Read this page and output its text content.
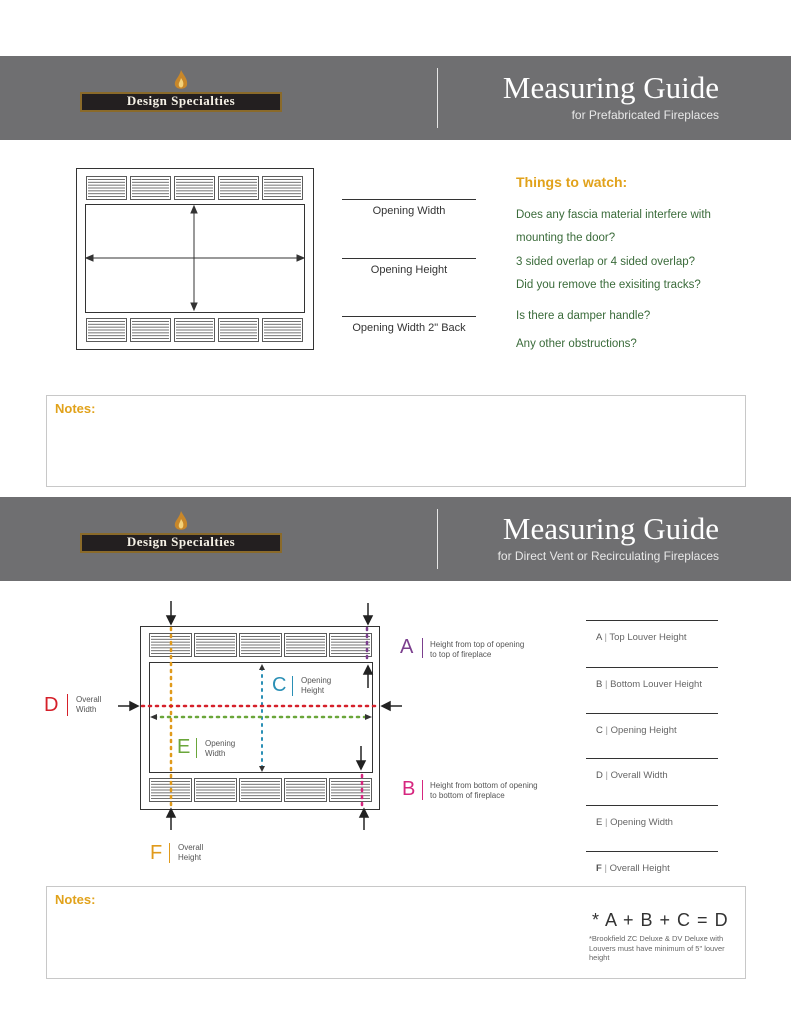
Design Specialties	Measuring Guide
for Prefabricated Fireplaces
Opening Width
Opening Height
Opening Width 2" Back
Things to watch:
Does any fascia material interfere with
mounting the door?
3 sided overlap or 4 sided overlap?
Did you remove the exisiting tracks?
Is there a damper handle?
Any other obstructions?
Notes:
Design Specialties	Measuring Guide
for Direct Vent or Recirculating Fireplaces
A Height from top of opening
to top of fireplace
B Height from bottom of opening
to bottom of fireplace
C Opening
Height
D Overall
Width
E Opening
Width
F Overall
Height
A | Top Louver Height
B | Bottom Louver Height
C | Opening Height
D | Overall Width
E | Opening Width
F | Overall Height
Notes:
* A + B + C = D
*Brookfield ZC Deluxe & DV Deluxe with Louvers must have minimum of 5" louver height
